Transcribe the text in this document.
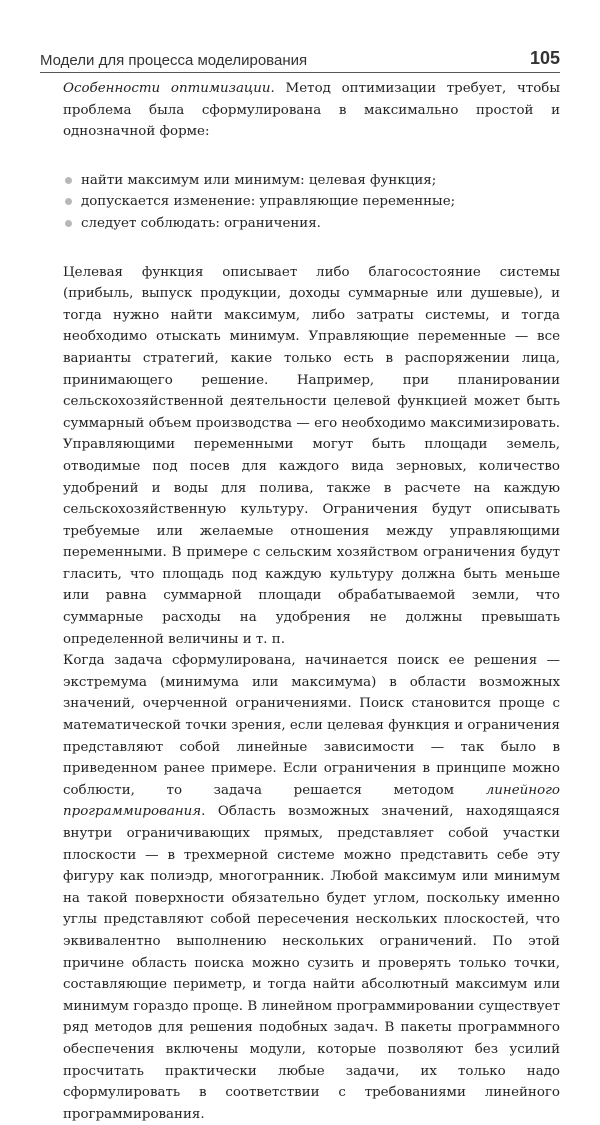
Модели для процесса моделирования	105

Особенности оптимизации. Метод оптимизации требует, чтобы проблема была сформулирована в максимально простой и однозначной форме:

найти максимум или минимум: целевая функция;
допускается изменение: управляющие переменные;
следует соблюдать: ограничения.

Целевая функция описывает либо благосостояние системы (прибыль, выпуск продукции, доходы суммарные или душевые), и тогда нужно найти максимум, либо затраты системы, и тогда необходимо отыскать минимум. Управляющие переменные — все варианты стратегий, какие только есть в распоряжении лица, принимающего решение. Например, при планировании сельскохозяйственной деятельности целевой функцией может быть суммарный объем производства — его необходимо максимизировать. Управляющими переменными могут быть площади земель, отводимые под посев для каждого вида зерновых, количество удобрений и воды для полива, также в расчете на каждую сельскохозяйственную культуру. Ограничения будут описывать требуемые или желаемые отношения между управляющими переменными. В примере с сельским хозяйством ограничения будут гласить, что площадь под каждую культуру должна быть меньше или равна суммарной площади обрабатываемой земли, что суммарные расходы на удобрения не должны превышать определенной величины и т. п.

Когда задача сформулирована, начинается поиск ее решения — экстремума (минимума или максимума) в области возможных значений, очерченной ограничениями. Поиск становится проще с математической точки зрения, если целевая функция и ограничения представляют собой линейные зависимости — так было в приведенном ранее примере. Если ограничения в принципе можно соблюсти, то задача решается методом линейного программирования. Область возможных значений, находящаяся внутри ограничивающих прямых, представляет собой участки плоскости — в трехмерной системе можно представить себе эту фигуру как полиэдр, многогранник. Любой максимум или минимум на такой поверхности обязательно будет углом, поскольку именно углы представляют собой пересечения нескольких плоскостей, что эквивалентно выполнению нескольких ограничений. По этой причине область поиска можно сузить и проверять только точки, составляющие периметр, и тогда найти абсолютный максимум или минимум гораздо проще. В линейном программировании существует ряд методов для решения подобных задач. В пакеты программного обеспечения включены модули, которые позволяют без усилий просчитать практически любые задачи, их только надо сформулировать в соответствии с требованиями линейного программирования.
